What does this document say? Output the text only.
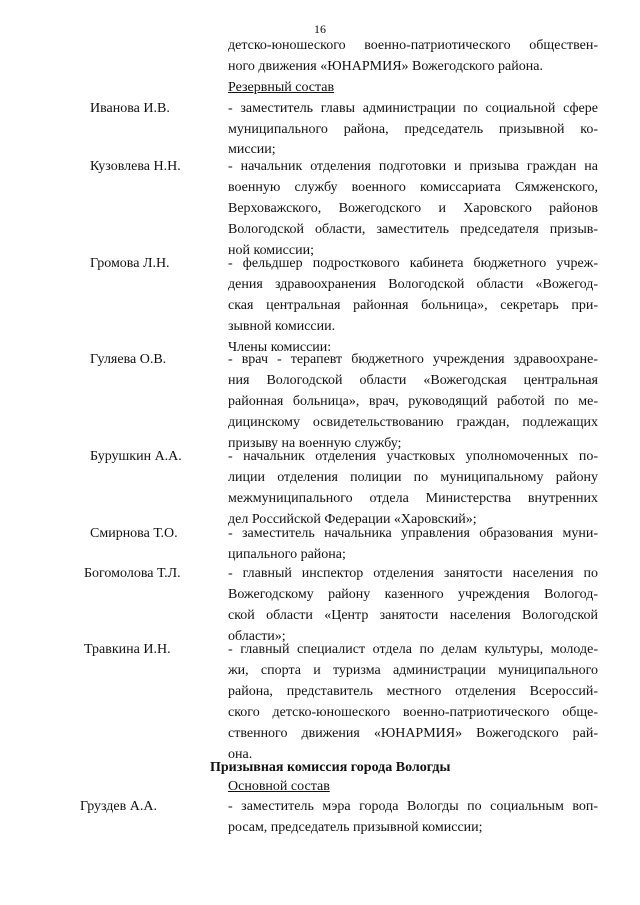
16
детско-юношеского военно-патриотического обществен-
ного движения «ЮНАРМИЯ» Вожегодского района.
Резервный состав
Иванова И.В.	- заместитель главы администрации по социальной сфере
муниципального района, председатель призывной ко-
миссии;
Кузовлева Н.Н.	- начальник отделения подготовки и призыва граждан на
военную службу военного комиссариата Сямженского,
Верховажского, Вожегодского и Харовского районов
Вологодской области, заместитель председателя призыв-
ной комиссии;
Громова Л.Н.	- фельдшер подросткового кабинета бюджетного учреж-
дения здравоохранения Вологодской области «Вожегод-
ская центральная районная больница», секретарь при-
зывной комиссии.
Члены комиссии:
Гуляева О.В.	- врач - терапевт бюджетного учреждения здравоохране-
ния Вологодской области «Вожегодская центральная
районная больница», врач, руководящий работой по ме-
дицинскому освидетельствованию граждан, подлежащих
призыву на военную службу;
Бурушкин А.А.	- начальник отделения участковых уполномоченных по-
лиции отделения полиции по муниципальному району
межмуниципального отдела Министерства внутренних
дел Российской Федерации «Харовский»;
Смирнова Т.О.	- заместитель начальника управления образования муни-
ципального района;
Богомолова Т.Л.	- главный инспектор отделения занятости населения по
Вожегодскому району казенного учреждения Вологод-
ской области «Центр занятости населения Вологодской
области»;
Травкина И.Н.	- главный специалист отдела по делам культуры, молоде-
жи, спорта и туризма администрации муниципального
района, представитель местного отделения Всероссий-
ского детско-юношеского военно-патриотического обще-
ственного движения «ЮНАРМИЯ» Вожегодского рай-
она.
Призывная комиссия города Вологды
Основной состав
Груздев А.А.	- заместитель мэра города Вологды по социальным воп-
росам, председатель призывной комиссии;
